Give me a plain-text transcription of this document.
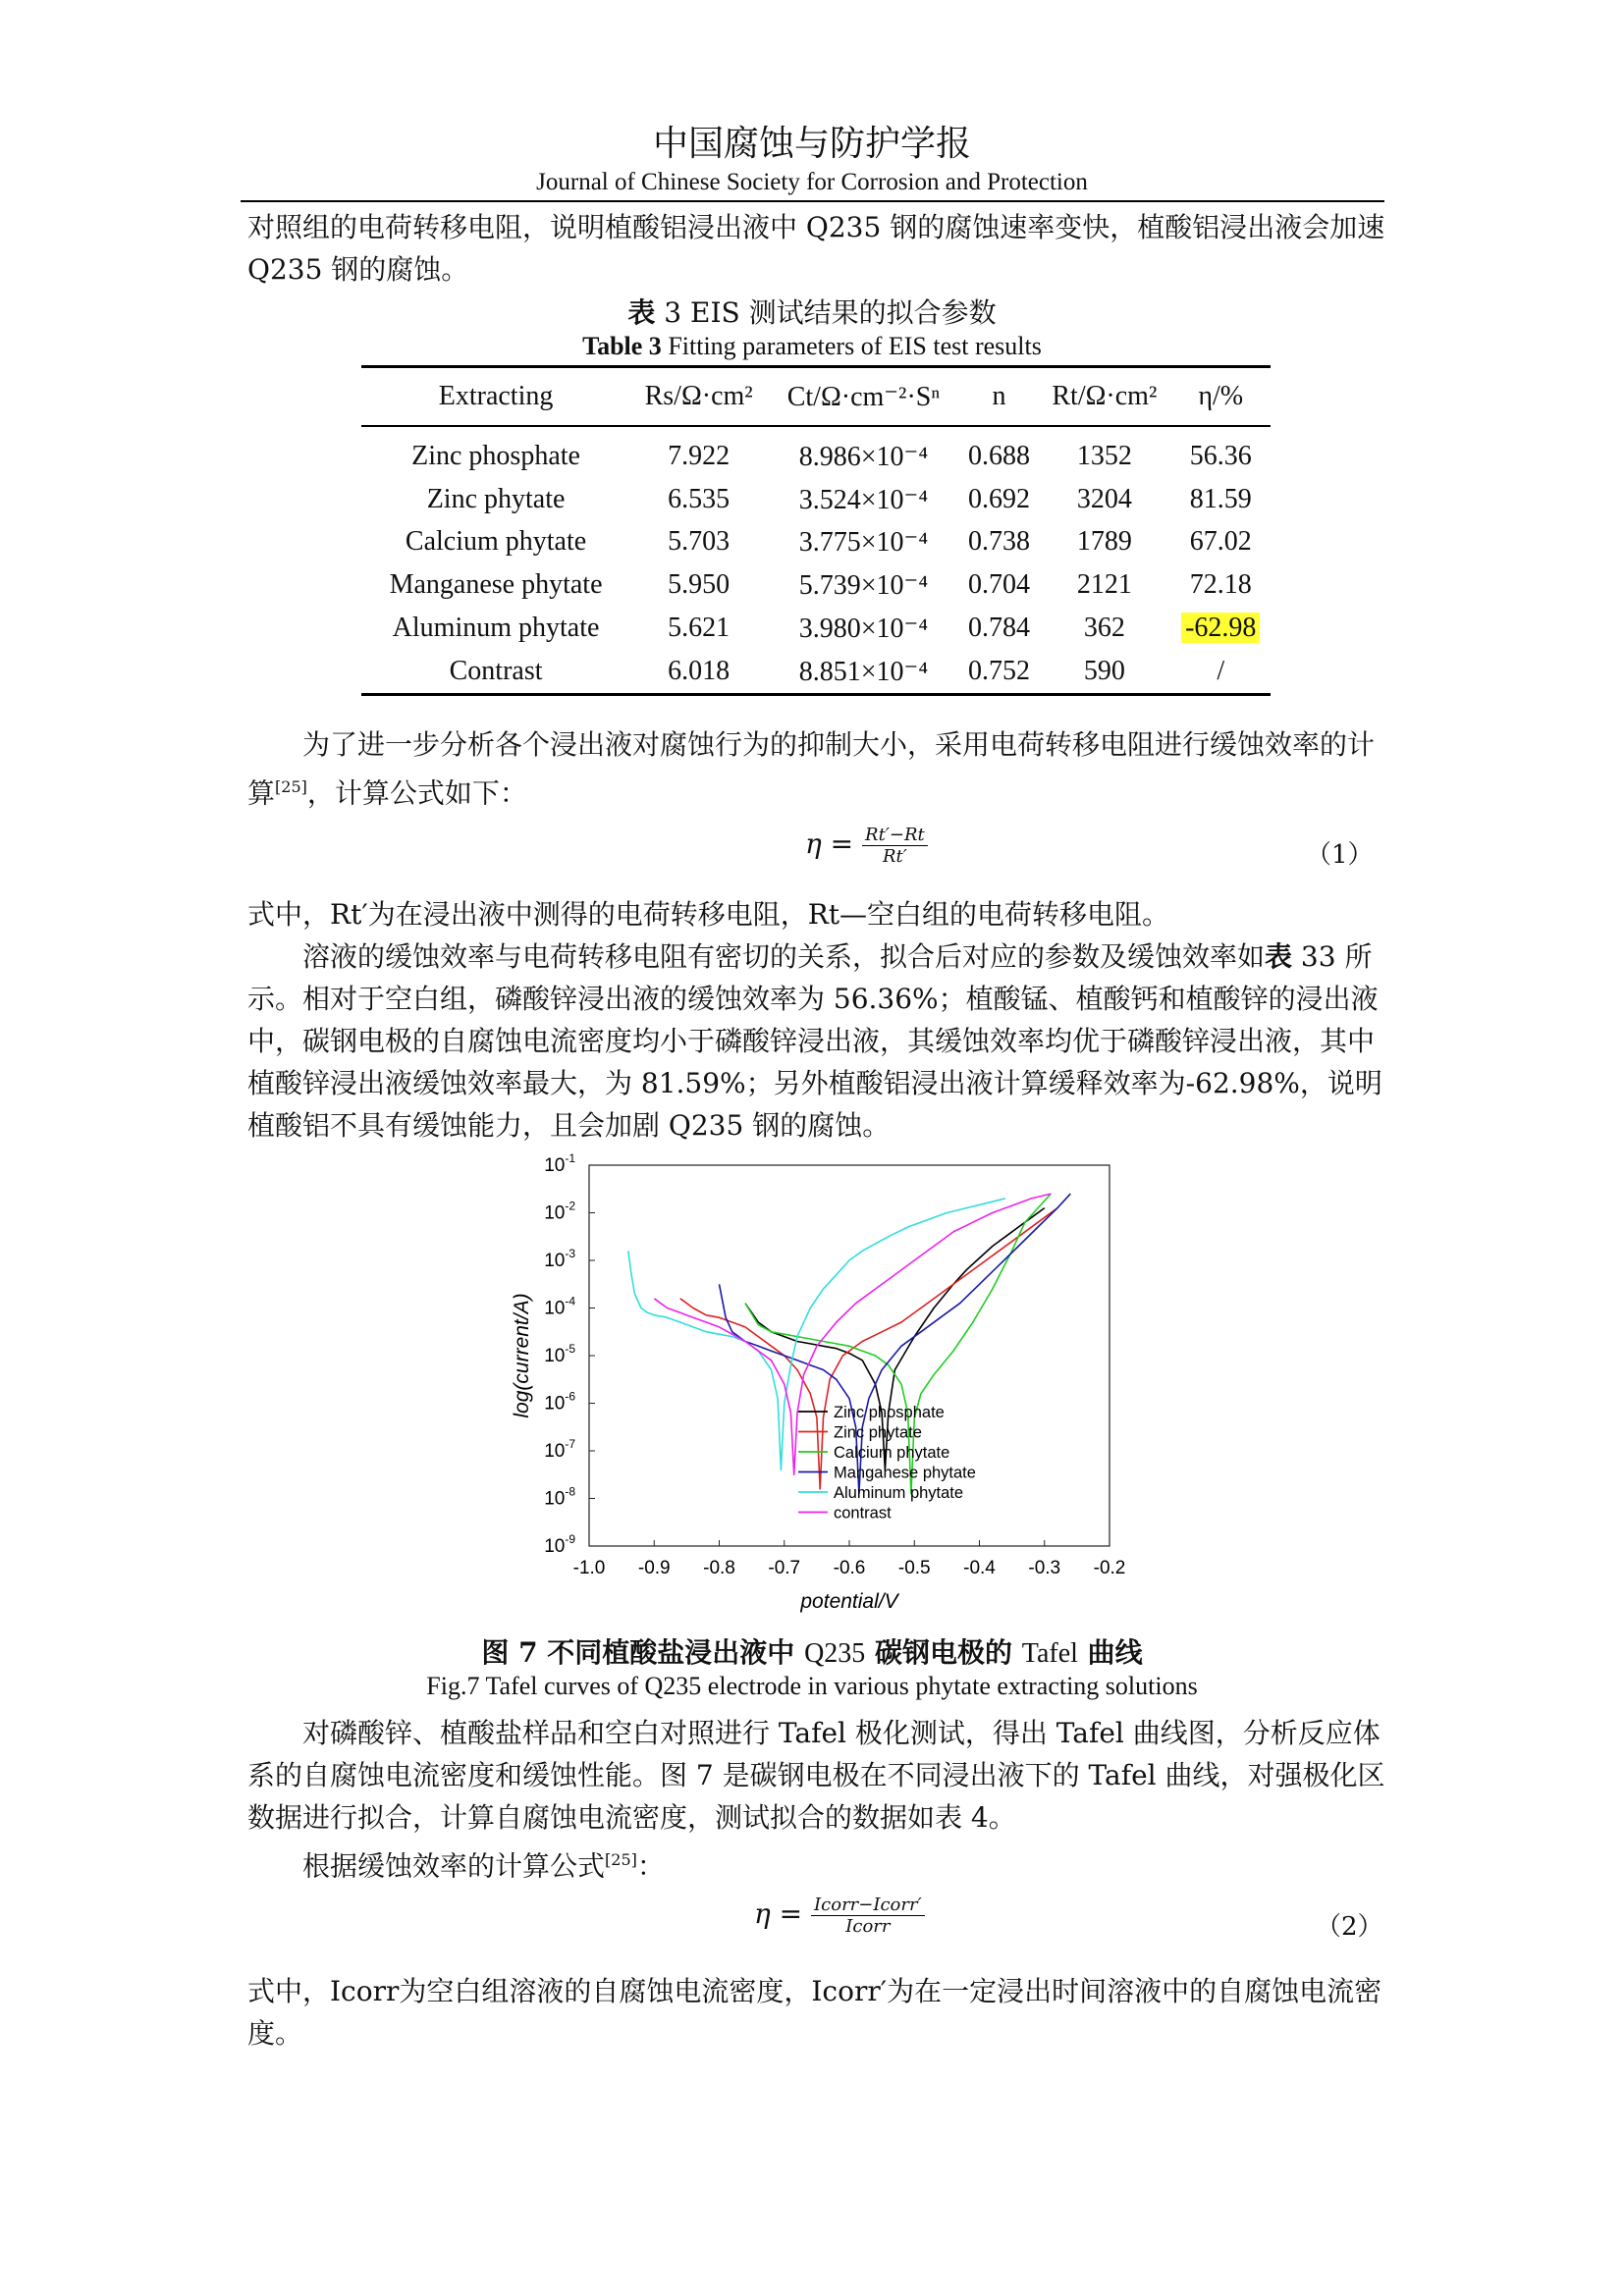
中国腐蚀与防护学报
Journal of Chinese Society for Corrosion and Protection
对照组的电荷转移电阻，说明植酸铝浸出液中 Q235 钢的腐蚀速率变快，植酸铝浸出液会加速 Q235 钢的腐蚀。
表 3 EIS 测试结果的拟合参数
Table 3 Fitting parameters of EIS test results
Extracting	Rs/Ω·cm²	Ct/Ω·cm⁻²·Sⁿ	n	Rt/Ω·cm²	η/%
Zinc phosphate	7.922	8.986×10⁻⁴	0.688	1352	56.36
Zinc phytate	6.535	3.524×10⁻⁴	0.692	3204	81.59
Calcium phytate	5.703	3.775×10⁻⁴	0.738	1789	67.02
Manganese phytate	5.950	5.739×10⁻⁴	0.704	2121	72.18
Aluminum phytate	5.621	3.980×10⁻⁴	0.784	362	-62.98
Contrast	6.018	8.851×10⁻⁴	0.752	590	/
为了进一步分析各个浸出液对腐蚀行为的抑制大小，采用电荷转移电阻进行缓蚀效率的计算[25]，计算公式如下：
$\eta = \frac{Rt'-Rt}{Rt'}$	（1）
式中，Rt′为在浸出液中测得的电荷转移电阻，Rt—空白组的电荷转移电阻。
溶液的缓蚀效率与电荷转移电阻有密切的关系，拟合后对应的参数及缓蚀效率如表 33 所示。相对于空白组，磷酸锌浸出液的缓蚀效率为 56.36%；植酸锰、植酸钙和植酸锌的浸出液中，碳钢电极的自腐蚀电流密度均小于磷酸锌浸出液，其缓蚀效率均优于磷酸锌浸出液，其中植酸锌浸出液缓蚀效率最大，为 81.59%；另外植酸铝浸出液计算缓释效率为-62.98%，说明植酸铝不具有缓蚀能力，且会加剧 Q235 钢的腐蚀。
$10^{-1}$
$10^{-2}$
$10^{-3}$
$10^{-4}$
$10^{-5}$
$10^{-6}$
$10^{-7}$
$10^{-8}$
$10^{-9}$
-1.0 -0.9 -0.8 -0.7 -0.6 -0.5 -0.4 -0.3 -0.2
Zinc phosphate
Zinc phytate
Calcium phytate
Manganese phytate
Aluminum phytate
contrast
potential/V
log(current/A)
图 7 不同植酸盐浸出液中 Q235 碳钢电极的 Tafel 曲线
Fig.7 Tafel curves of Q235 electrode in various phytate extracting solutions
对磷酸锌、植酸盐样品和空白对照进行 Tafel 极化测试，得出 Tafel 曲线图，分析反应体系的自腐蚀电流密度和缓蚀性能。图 7 是碳钢电极在不同浸出液下的 Tafel 曲线，对强极化区数据进行拟合，计算自腐蚀电流密度，测试拟合的数据如表 4。
根据缓蚀效率的计算公式[25]：
$\eta = \frac{\text{Icorr−Icorr′}}{\text{Icorr}}$	（2）
式中，Icorr为空白组溶液的自腐蚀电流密度，Icorr′为在一定浸出时间溶液中的自腐蚀电流密度。
